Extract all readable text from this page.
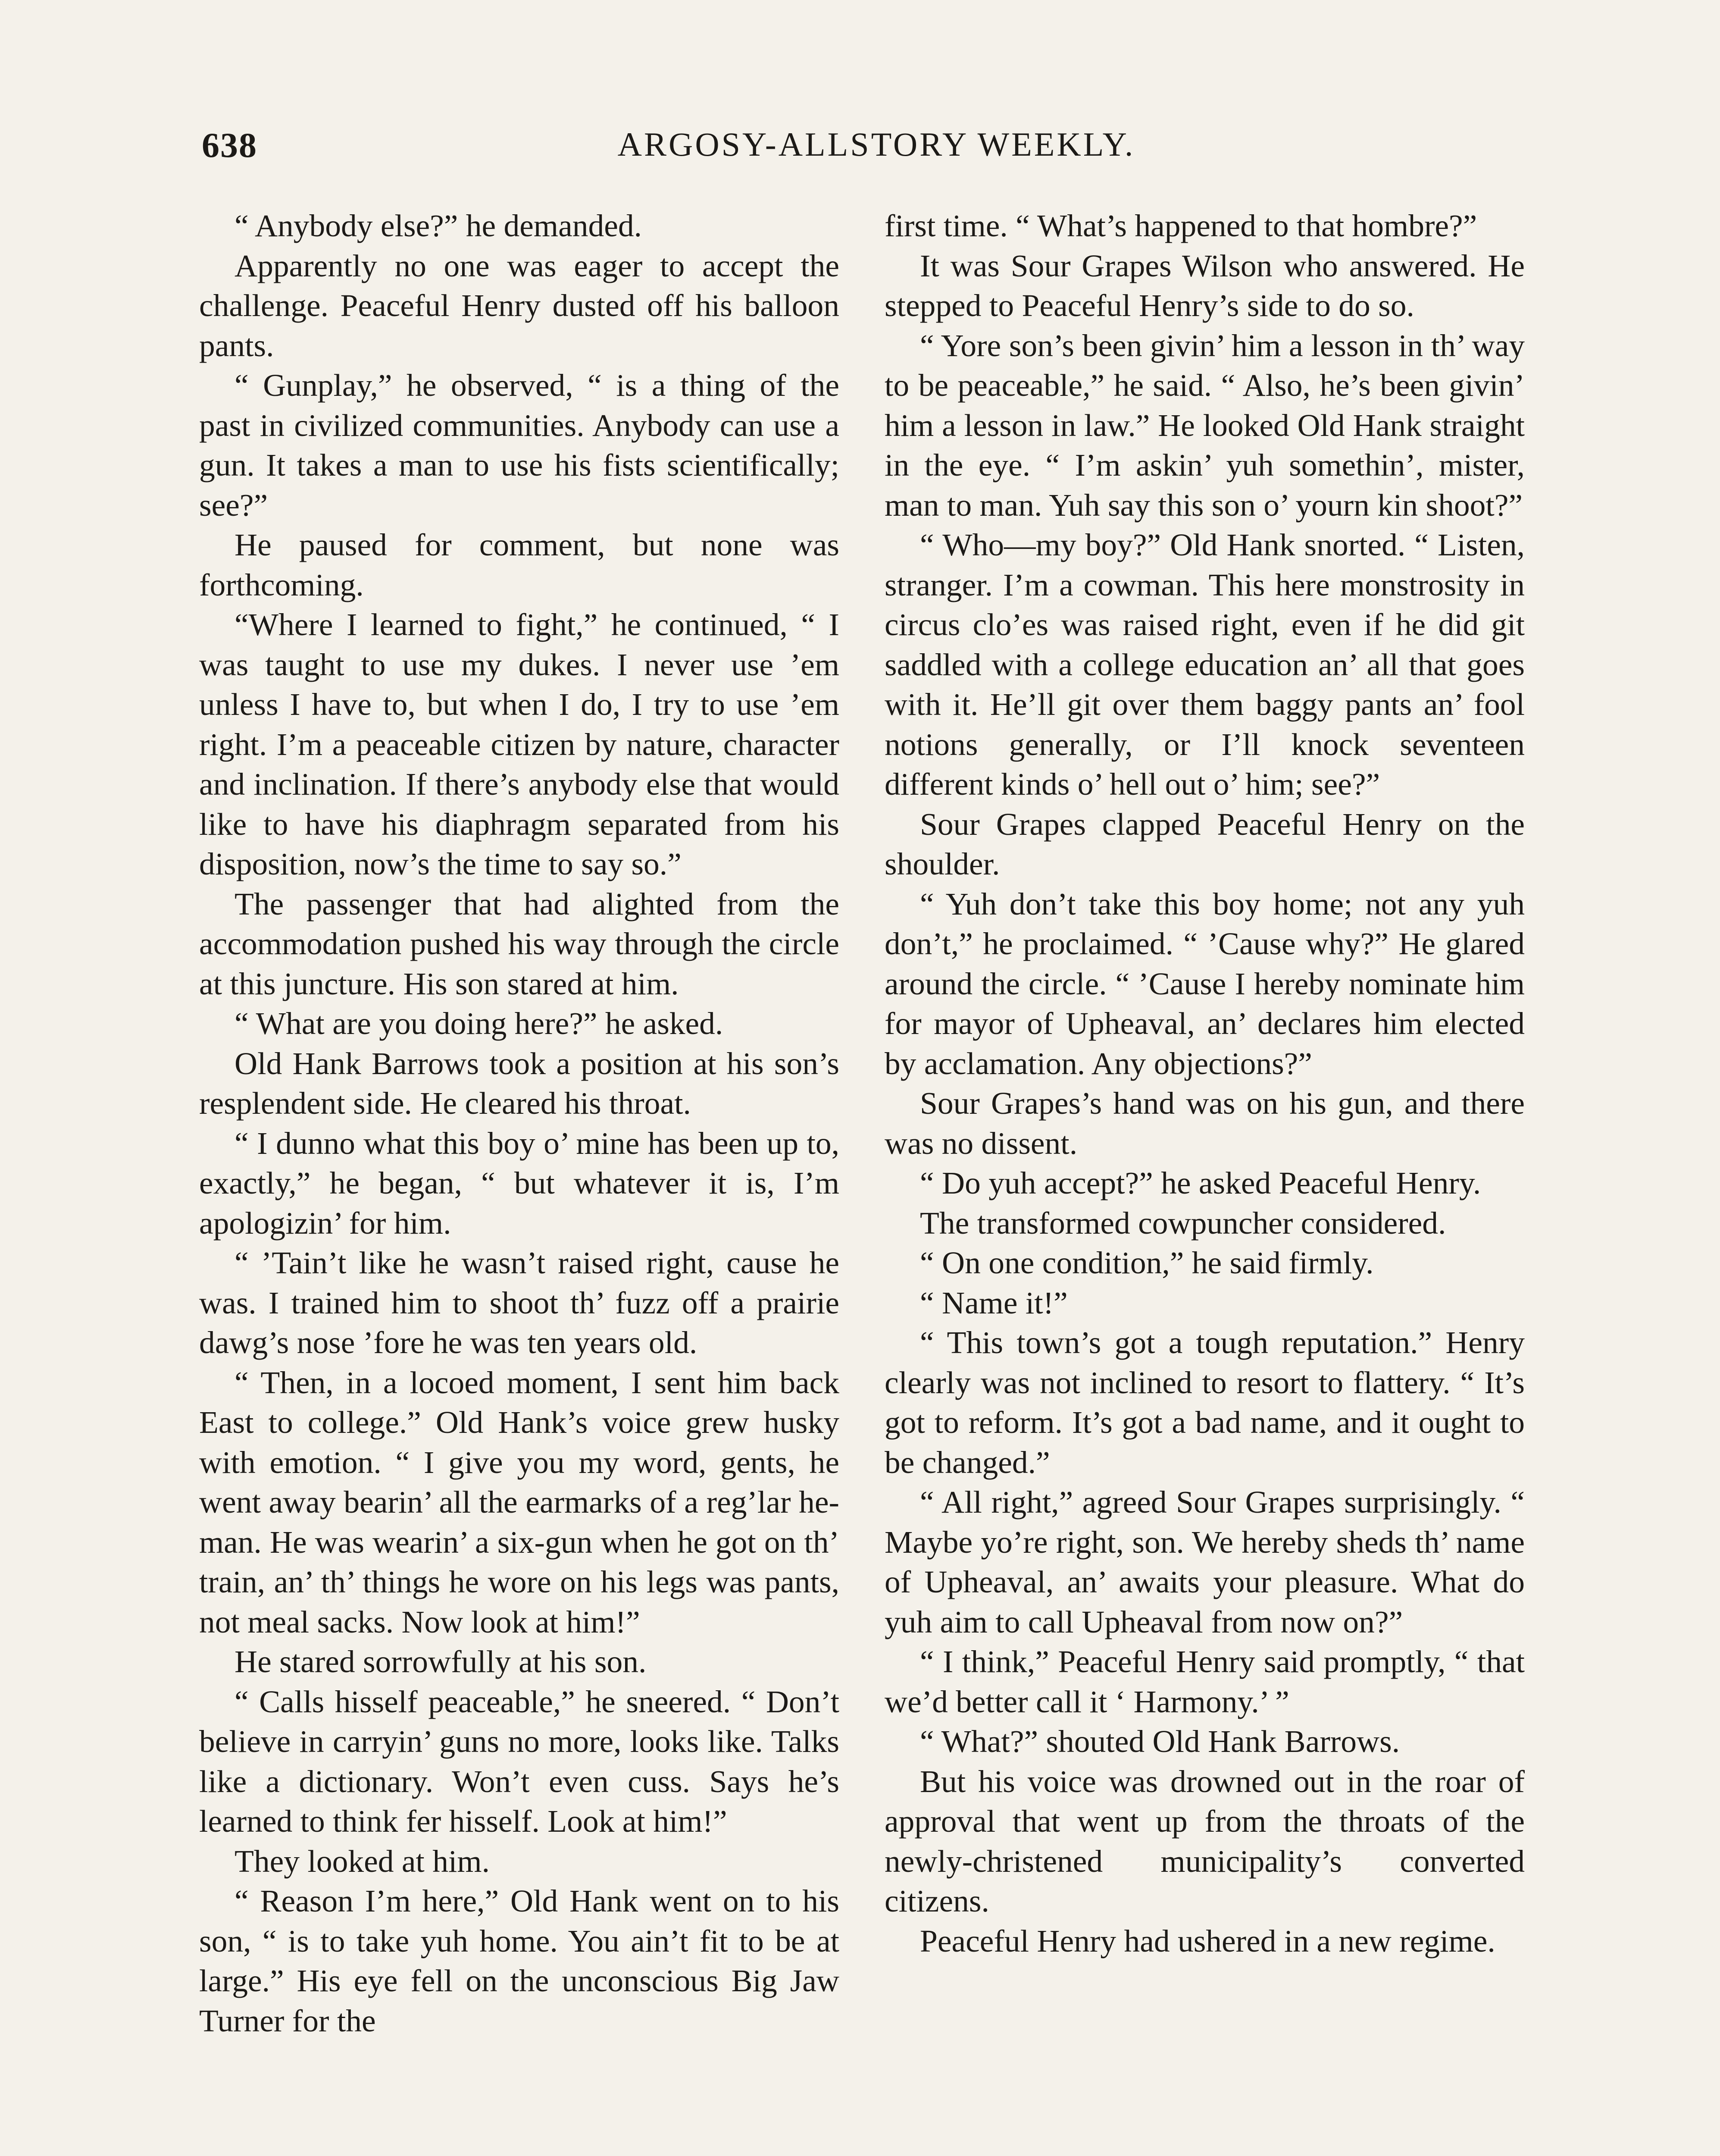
638	ARGOSY-ALLSTORY WEEKLY.

“ Anybody else?” he demanded.

Apparently no one was eager to accept the challenge. Peaceful Henry dusted off his balloon pants.

“ Gunplay,” he observed, “ is a thing of the past in civilized communities. Anybody can use a gun. It takes a man to use his fists scientifically; see?”

He paused for comment, but none was forthcoming.

“Where I learned to fight,” he continued, “ I was taught to use my dukes. I never use ’em unless I have to, but when I do, I try to use ’em right. I’m a peaceable citizen by nature, character and inclination. If there’s anybody else that would like to have his diaphragm separated from his disposition, now’s the time to say so.”

The passenger that had alighted from the accommodation pushed his way through the circle at this juncture. His son stared at him.

“ What are you doing here?” he asked.

Old Hank Barrows took a position at his son’s resplendent side. He cleared his throat.

“ I dunno what this boy o’ mine has been up to, exactly,” he began, “ but whatever it is, I’m apologizin’ for him.

“ ’Tain’t like he wasn’t raised right, cause he was. I trained him to shoot th’ fuzz off a prairie dawg’s nose ’fore he was ten years old.

“ Then, in a locoed moment, I sent him back East to college.” Old Hank’s voice grew husky with emotion. “ I give you my word, gents, he went away bearin’ all the earmarks of a reg’lar he-man. He was wearin’ a six-gun when he got on th’ train, an’ th’ things he wore on his legs was pants, not meal sacks. Now look at him!”

He stared sorrowfully at his son.

“ Calls hisself peaceable,” he sneered. “ Don’t believe in carryin’ guns no more, looks like. Talks like a dictionary. Won’t even cuss. Says he’s learned to think fer hisself. Look at him!”

They looked at him.

“ Reason I’m here,” Old Hank went on to his son, “ is to take yuh home. You ain’t fit to be at large.” His eye fell on the unconscious Big Jaw Turner for the

first time. “ What’s happened to that hombre?”

It was Sour Grapes Wilson who answered. He stepped to Peaceful Henry’s side to do so.

“ Yore son’s been givin’ him a lesson in th’ way to be peaceable,” he said. “ Also, he’s been givin’ him a lesson in law.” He looked Old Hank straight in the eye. “ I’m askin’ yuh somethin’, mister, man to man. Yuh say this son o’ yourn kin shoot?”

“ Who—my boy?” Old Hank snorted. “ Listen, stranger. I’m a cowman. This here monstrosity in circus clo’es was raised right, even if he did git saddled with a college education an’ all that goes with it. He’ll git over them baggy pants an’ fool notions generally, or I’ll knock seventeen different kinds o’ hell out o’ him; see?”

Sour Grapes clapped Peaceful Henry on the shoulder.

“ Yuh don’t take this boy home; not any yuh don’t,” he proclaimed. “ ’Cause why?” He glared around the circle. “ ’Cause I hereby nominate him for mayor of Upheaval, an’ declares him elected by acclamation. Any objections?”

Sour Grapes’s hand was on his gun, and there was no dissent.

“ Do yuh accept?” he asked Peaceful Henry.

The transformed cowpuncher considered.

“ On one condition,” he said firmly.

“ Name it!”

“ This town’s got a tough reputation.” Henry clearly was not inclined to resort to flattery. “ It’s got to reform. It’s got a bad name, and it ought to be changed.”

“ All right,” agreed Sour Grapes surprisingly. “ Maybe yo’re right, son. We hereby sheds th’ name of Upheaval, an’ awaits your pleasure. What do yuh aim to call Upheaval from now on?”

“ I think,” Peaceful Henry said promptly, “ that we’d better call it ‘ Harmony.’ ”

“ What?” shouted Old Hank Barrows.

But his voice was drowned out in the roar of approval that went up from the throats of the newly-christened municipality’s converted citizens.

Peaceful Henry had ushered in a new regime.
